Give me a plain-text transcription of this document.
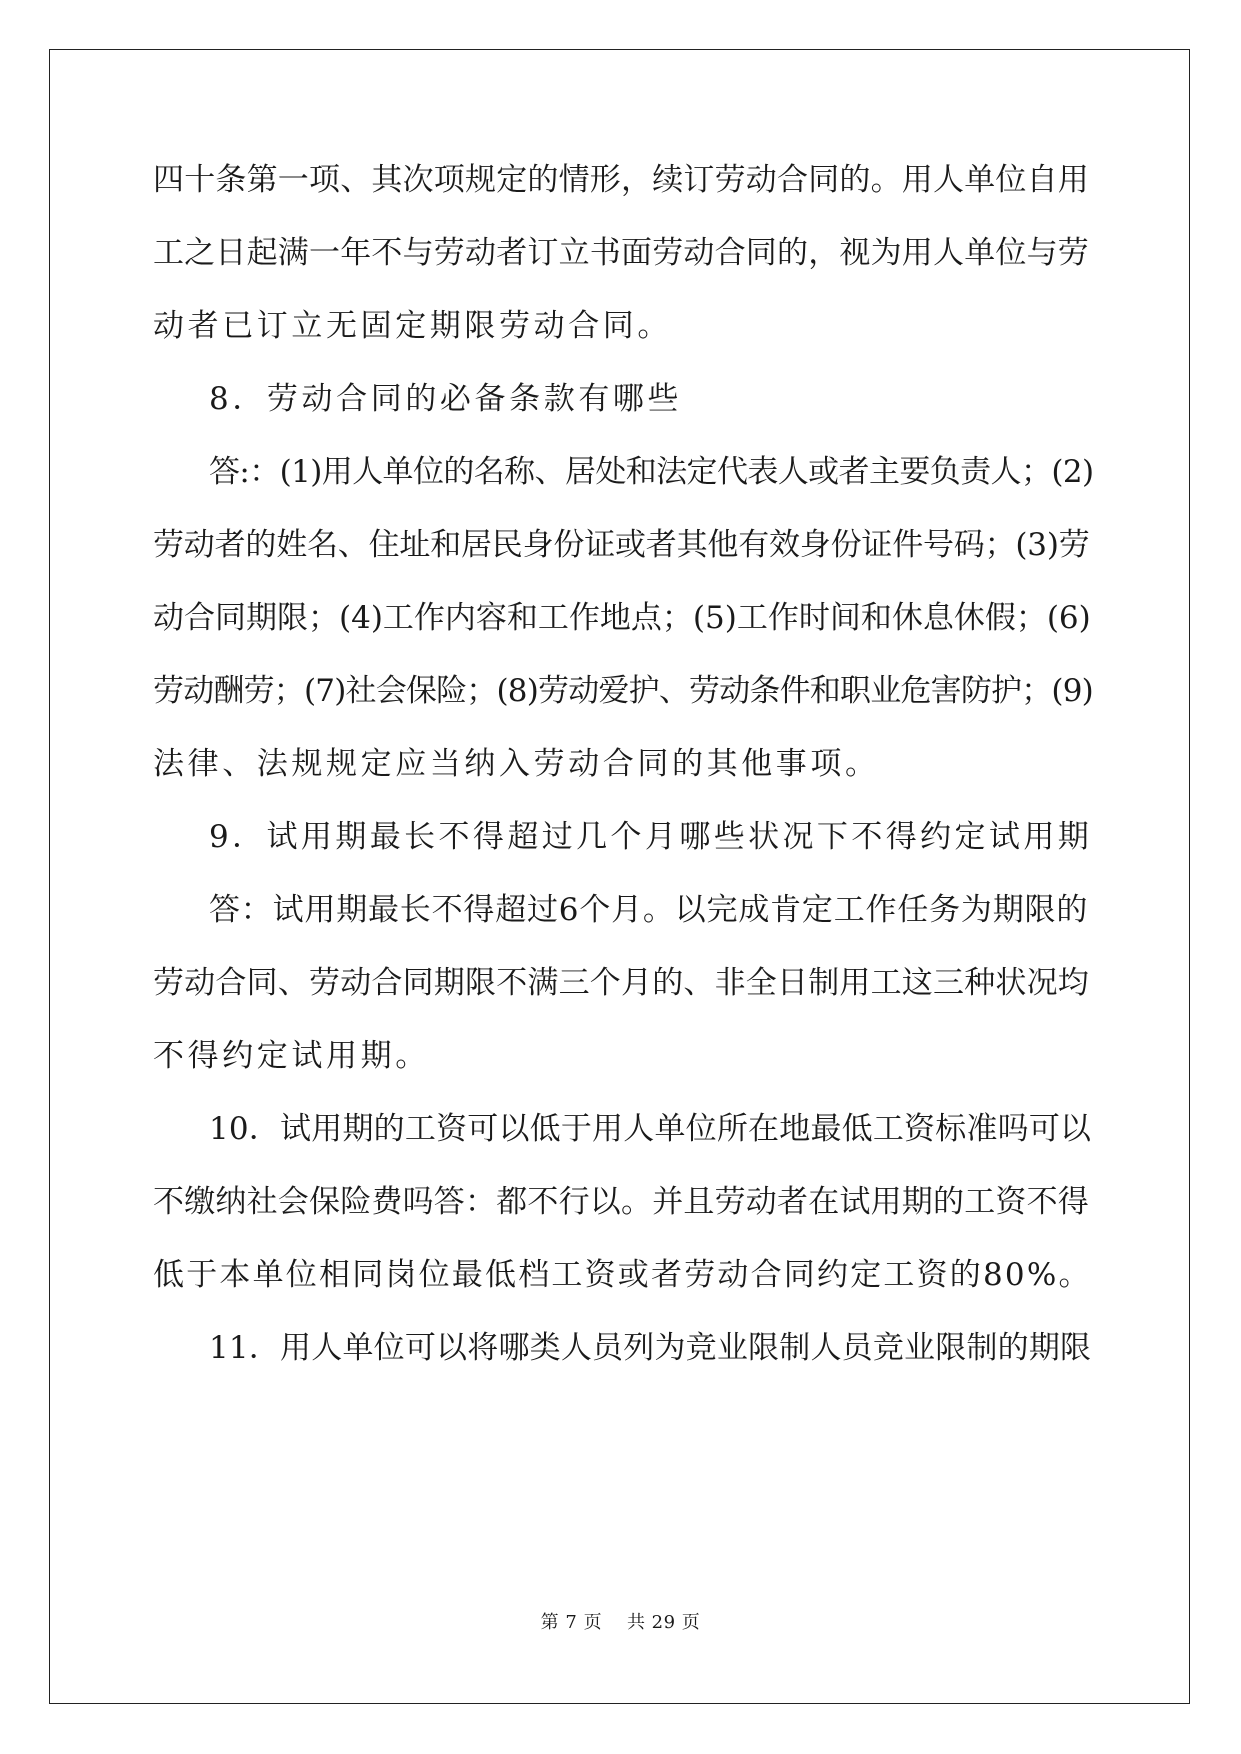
四十条第一项、其次项规定的情形，续订劳动合同的。用人单位自用
工之日起满一年不与劳动者订立书面劳动合同的，视为用人单位与劳
动者已订立无固定期限劳动合同。
8．劳动合同的必备条款有哪些
答:：(1)用人单位的名称、居处和法定代表人或者主要负责人；(2)
劳动者的姓名、住址和居民身份证或者其他有效身份证件号码；(3)劳
动合同期限；(4)工作内容和工作地点；(5)工作时间和休息休假；(6)
劳动酬劳；(7)社会保险；(8)劳动爱护、劳动条件和职业危害防护；(9)
法律、法规规定应当纳入劳动合同的其他事项。
9．试用期最长不得超过几个月哪些状况下不得约定试用期
答：试用期最长不得超过6个月。以完成肯定工作任务为期限的
劳动合同、劳动合同期限不满三个月的、非全日制用工这三种状况均
不得约定试用期。
10．试用期的工资可以低于用人单位所在地最低工资标准吗可以
不缴纳社会保险费吗答：都不行以。并且劳动者在试用期的工资不得
低于本单位相同岗位最低档工资或者劳动合同约定工资的80%。
11．用人单位可以将哪类人员列为竞业限制人员竞业限制的期限
第 7 页    共 29 页
